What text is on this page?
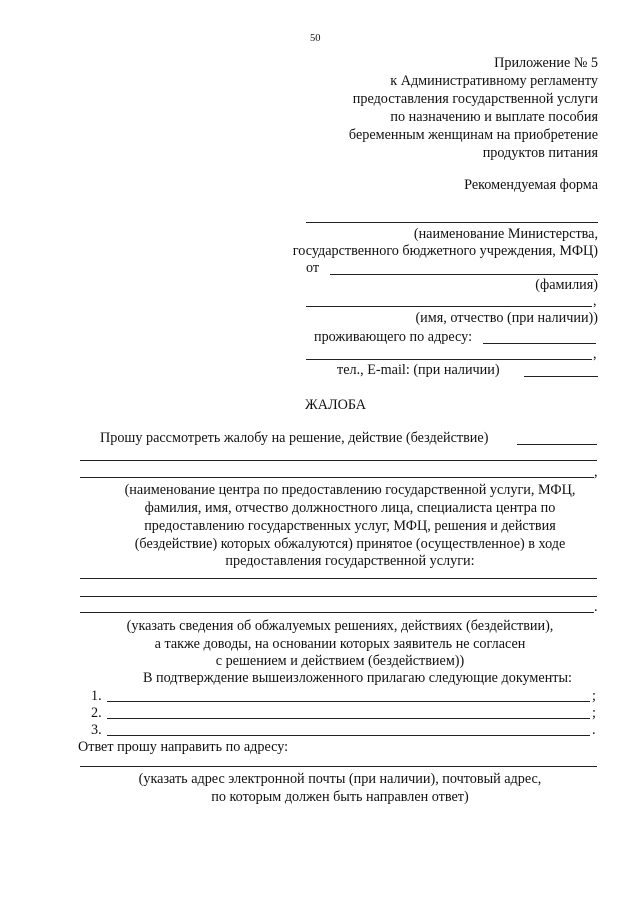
50
Приложение № 5
к Административному регламенту
предоставления государственной услуги
по назначению и выплате пособия
беременным женщинам на приобретение
продуктов питания
Рекомендуемая форма
(наименование Министерства,
государственного бюджетного учреждения, МФЦ)
от
(фамилия)
,
(имя, отчество (при наличии))
проживающего по адресу:
,
тел., E-mail: (при наличии)
ЖАЛОБА
Прошу рассмотреть жалобу на решение, действие (бездействие)
,
(наименование центра по предоставлению государственной услуги, МФЦ,
фамилия, имя, отчество должностного лица, специалиста центра по
предоставлению государственных услуг, МФЦ, решения и действия
(бездействие) которых обжалуются) принятое (осуществленное) в ходе
предоставления государственной услуги:
.
(указать сведения об обжалуемых решениях, действиях (бездействии),
а также доводы, на основании которых заявитель не согласен
с решением и действием (бездействием))
В подтверждение вышеизложенного прилагаю следующие документы:
1.	;
2.	;
3.	.
Ответ прошу направить по адресу:
(указать адрес электронной почты (при наличии), почтовый адрес,
по которым должен быть направлен ответ)
